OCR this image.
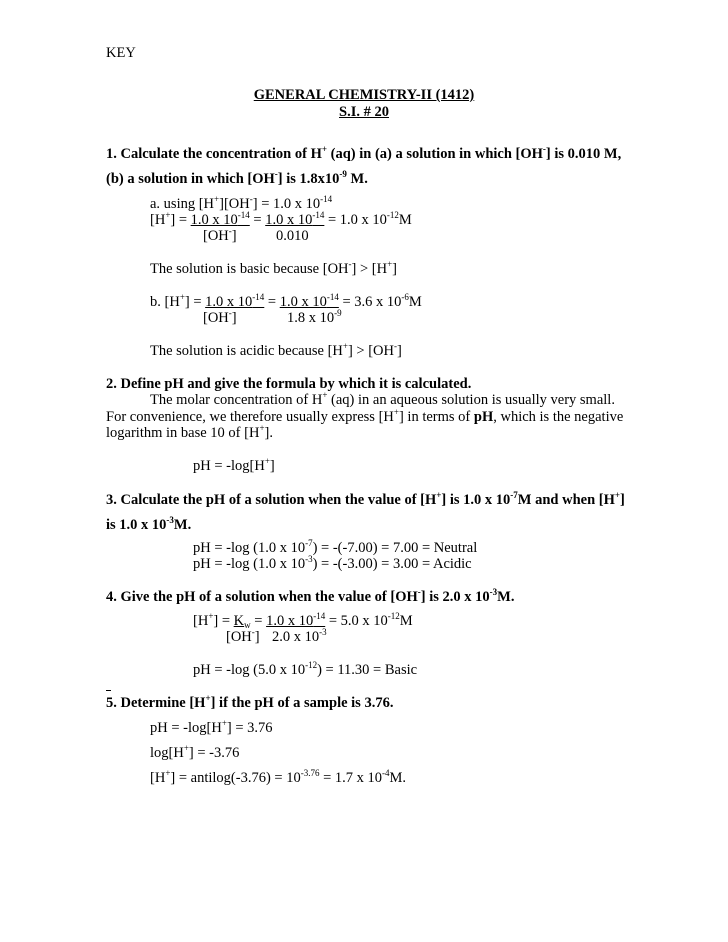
KEY
GENERAL CHEMISTRY-II (1412)
S.I. # 20
1. Calculate the concentration of H+ (aq) in (a) a solution in which [OH-] is 0.010 M,
(b) a solution in which [OH-] is $1.8x10^{-9}$ M.
a. using [H+][OH-] = 1.0 x $10^{-14}$
[H+] = 1.0 x $10^{-14} = 1.0$ x $10^{-14} = 1.0$ x $10^{-12}M$
[OH-]	0.010
The solution is basic because [OH-] > [H+]
b. [H+] = 1.0 x $10^{-14} = 1.0$ x $10^{-14} = 3.6$ x $10^{-6}M$
[OH-]	1.8 x $10^{-9}$
The solution is acidic because [H+] > [OH-]
2. Define pH and give the formula by which it is calculated.
The molar concentration of H+ (aq) in an aqueous solution is usually very small.
For convenience, we therefore usually express [H+] in terms of pH, which is the negative
logarithm in base 10 of [H+].
pH = -log[H+]
3. Calculate the pH of a solution when the value of [H+] is 1.0 x $10^{-7}M$ and when [H+]
is 1.0 x $10^{-3}M$.
pH = -log (1.0 x $10^{-7}) = -(-7.00) = 7.00$ = Neutral
pH = -log (1.0 x $10^{-3}) = -(-3.00) = 3.00$ = Acidic
4. Give the pH of a solution when the value of [OH-] is 2.0 x $10^{-3}M$.
$[H^+] = K_w = 1.0$ x $10^{-14} = 5.0$ x $10^{-12}M$
[OH-] 2.0 x $10^{-3}$
pH = -log (5.0 x $10^{-12}) = 11.30$ = Basic
5. Determine [H+] if the pH of a sample is 3.76.
pH = -log[H+] = 3.76
log[H+] = -3.76
[H+] = antilog(-3.76) = $10^{-3.76} = 1.7$ x $10^{-4}M$.
